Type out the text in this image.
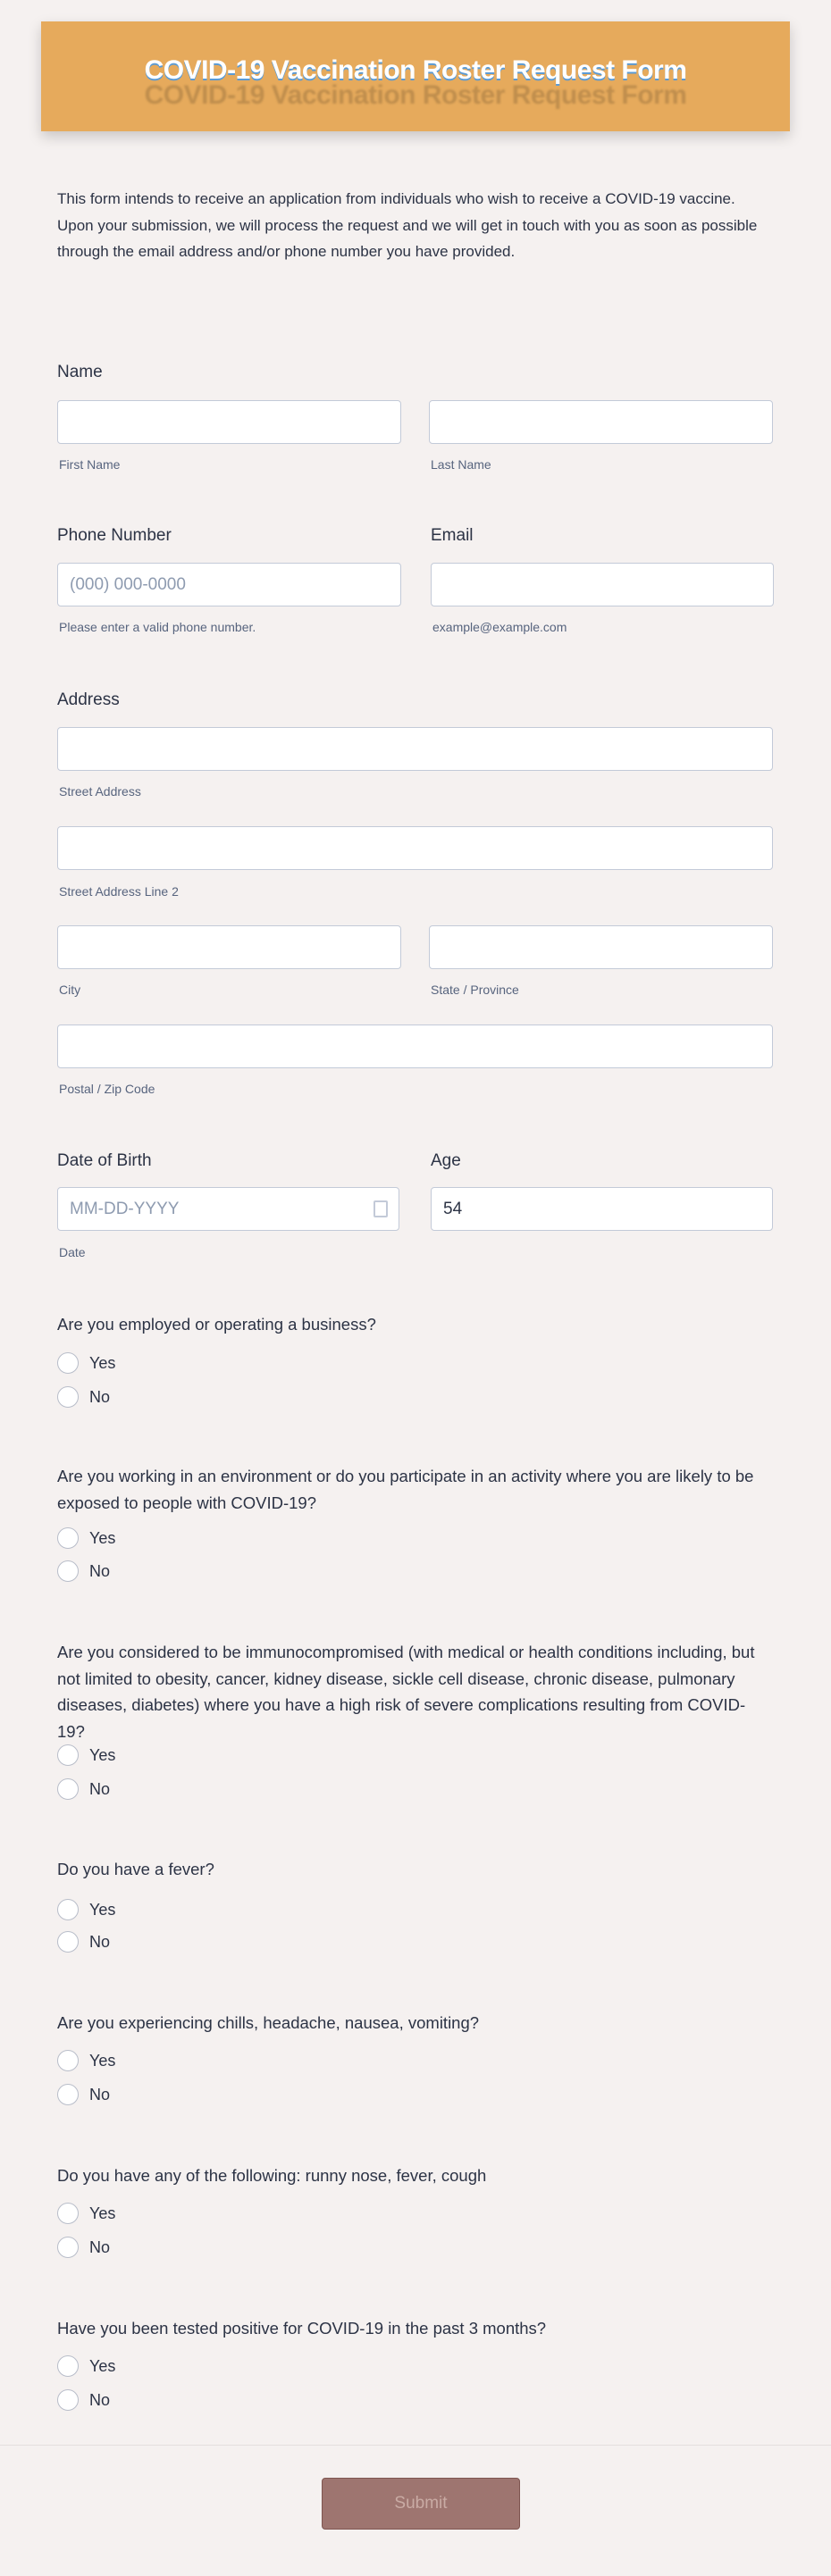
COVID-19 Vaccination Roster Request Form
COVID-19 Vaccination Roster Request Form
This form intends to receive an application from individuals who wish to receive a COVID-19 vaccine. Upon your submission, we will process the request and we will get in touch with you as soon as possible through the email address and/or phone number you have provided.
Name
First Name	Last Name
Phone Number	Email
(000) 000-0000
Please enter a valid phone number.	example@example.com
Address
Street Address
Street Address Line 2
City	State / Province
Postal / Zip Code
Date of Birth	Age
MM-DD-YYYY	54
Date
Are you employed or operating a business?
Yes
No
Are you working in an environment or do you participate in an activity where you are likely to be exposed to people with COVID-19?
Yes
No
Are you considered to be immunocompromised (with medical or health conditions including, but not limited to obesity, cancer, kidney disease, sickle cell disease, chronic disease, pulmonary diseases, diabetes) where you have a high risk of severe complications resulting from COVID-19?
Yes
No
Do you have a fever?
Yes
No
Are you experiencing chills, headache, nausea, vomiting?
Yes
No
Do you have any of the following: runny nose, fever, cough
Yes
No
Have you been tested positive for COVID-19 in the past 3 months?
Yes
No
Submit
